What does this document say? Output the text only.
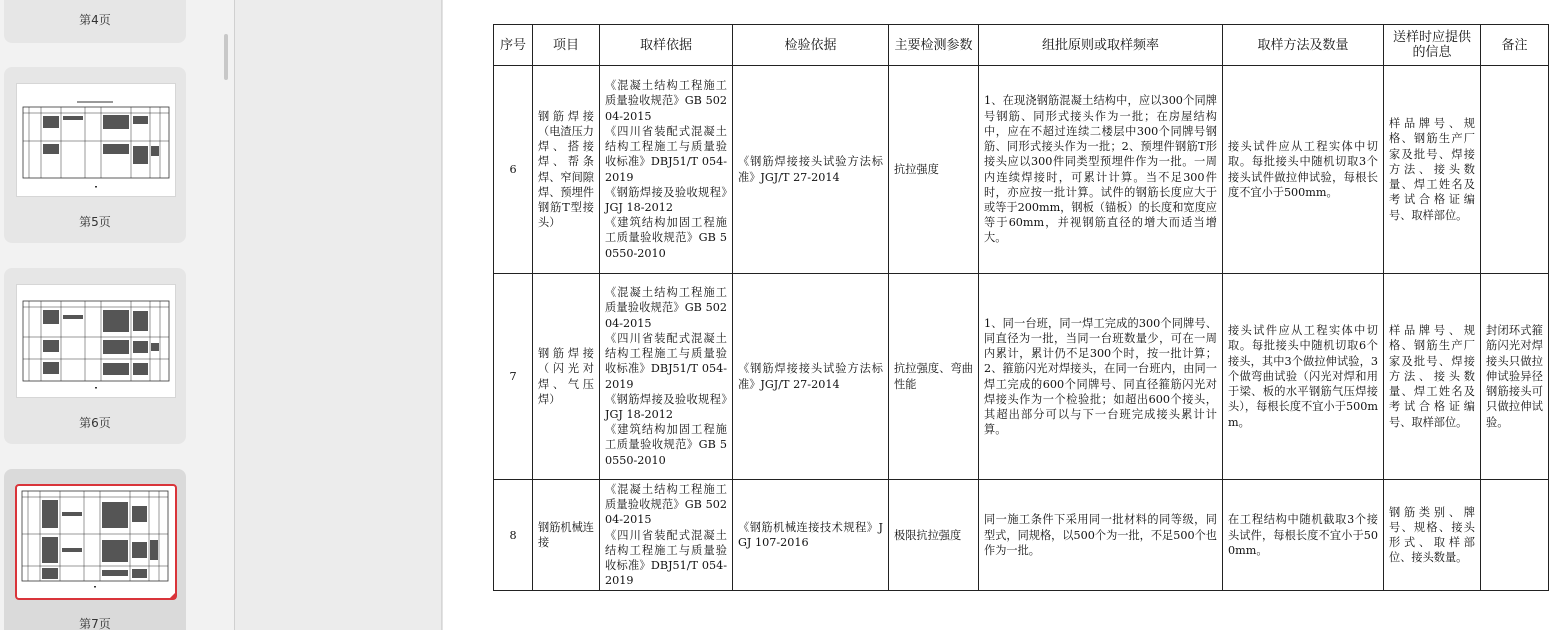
第4页
第5页
第6页
第7页
序号	项目	取样依据	检验依据	主要检测参数	组批原则或取样频率	取样方法及数量	送样时应提供的信息	备注
6	钢筋焊接（电渣压力焊、搭接焊、帮条焊、窄间隙焊、预埋件钢筋T型接头）	《混凝土结构工程施工质量验收规范》GB 50204-2015
《四川省装配式混凝土结构工程施工与质量验收标准》DBJ51/T 054-2019
《钢筋焊接及验收规程》JGJ 18-2012
《建筑结构加固工程施工质量验收规范》GB 50550-2010	《钢筋焊接接头试验方法标准》JGJ/T 27-2014	抗拉强度	1、在现浇钢筋混凝土结构中，应以300个同牌号钢筋、同形式接头作为一批；在房屋结构中，应在不超过连续二楼层中300个同牌号钢筋、同形式接头作为一批；2、预埋件钢筋T形接头应以300件同类型预埋件作为一批。一周内连续焊接时，可累计计算。当不足300件时，亦应按一批计算。试件的钢筋长度应大于或等于200mm，钢板（锚板）的长度和宽度应等于60mm，并视钢筋直径的增大而适当增大。	接头试件应从工程实体中切取。每批接头中随机切取3个接头试件做拉伸试验，每根长度不宜小于500mm。	样品牌号、规格、钢筋生产厂家及批号、焊接方法、接头数量、焊工姓名及考试合格证编号、取样部位。	
7	钢筋焊接（闪光对焊、气压焊）	《混凝土结构工程施工质量验收规范》GB 50204-2015
《四川省装配式混凝土结构工程施工与质量验收标准》DBJ51/T 054-2019
《钢筋焊接及验收规程》JGJ 18-2012
《建筑结构加固工程施工质量验收规范》GB 50550-2010	《钢筋焊接接头试验方法标准》JGJ/T 27-2014	抗拉强度、弯曲性能	1、同一台班，同一焊工完成的300个同牌号、同直径为一批，当同一台班数量少，可在一周内累计，累计仍不足300个时，按一批计算；2、箍筋闪光对焊接头，在同一台班内，由同一焊工完成的600个同牌号、同直径箍筋闪光对焊接头作为一个检验批；如超出600个接头，其超出部分可以与下一台班完成接头累计计算。	接头试件应从工程实体中切取。每批接头中随机切取6个接头，其中3个做拉伸试验，3个做弯曲试验（闪光对焊和用于梁、板的水平钢筋气压焊接头），每根长度不宜小于500mm。	样品牌号、规格、钢筋生产厂家及批号、焊接方法、接头数量、焊工姓名及考试合格证编号、取样部位。	封闭环式箍筋闪光对焊接头只做拉伸试验异径钢筋接头可只做拉伸试验。
8	钢筋机械连接	《混凝土结构工程施工质量验收规范》GB 50204-2015
《四川省装配式混凝土结构工程施工与质量验收标准》DBJ51/T 054-2019	《钢筋机械连接技术规程》JGJ 107-2016	极限抗拉强度	同一施工条件下采用同一批材料的同等级，同型式，同规格，以500个为一批，不足500个也作为一批。	在工程结构中随机截取3个接头试件，每根长度不宜小于500mm。	钢筋类别、牌号、规格、接头形式、取样部位、接头数量。	
